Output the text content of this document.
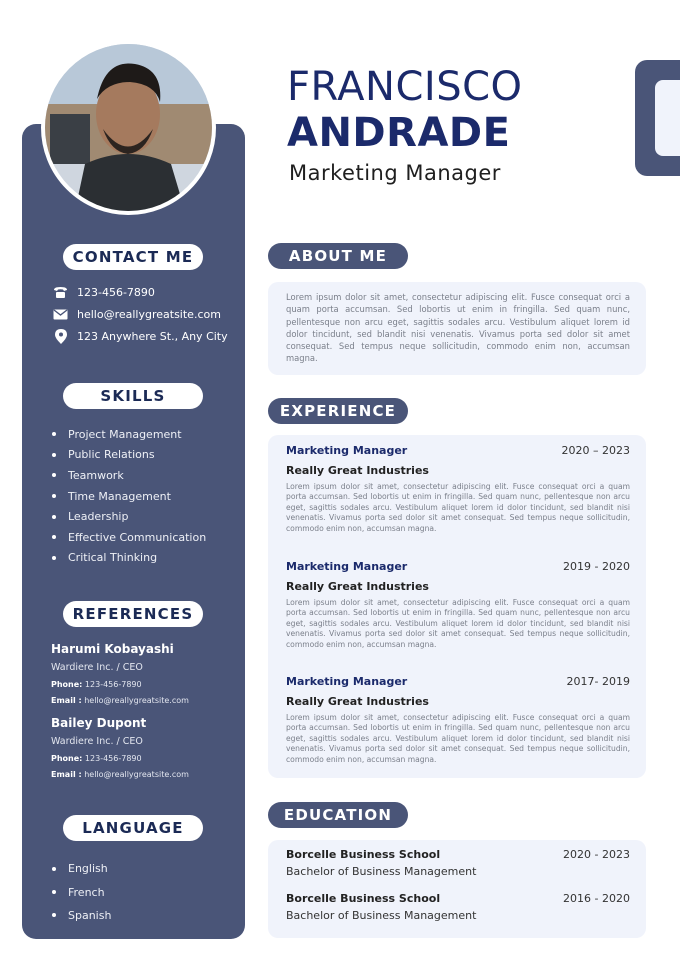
CONTACT ME
123-456-7890
hello@reallygreatsite.com
123 Anywhere St., Any City
SKILLS
Project Management
Public Relations
Teamwork
Time Management
Leadership
Effective Communication
Critical Thinking
REFERENCES
Harumi Kobayashi
Wardiere Inc. / CEO
Phone: 123-456-7890
Email : hello@reallygreatsite.com
Bailey Dupont
Wardiere Inc. / CEO
Phone: 123-456-7890
Email : hello@reallygreatsite.com
LANGUAGE
English
French
Spanish
FRANCISCO
ANDRADE
Marketing Manager
ABOUT ME
Lorem ipsum dolor sit amet, consectetur adipiscing elit. Fusce consequat orci a quam porta accumsan. Sed lobortis ut enim in fringilla. Sed quam nunc, pellentesque non arcu eget, sagittis sodales arcu. Vestibulum aliquet lorem id dolor tincidunt, sed blandit nisi venenatis. Vivamus porta sed dolor sit amet consequat. Sed tempus neque sollicitudin, commodo enim non, accumsan magna.
EXPERIENCE
Marketing Manager	2020 – 2023
Really Great Industries
Lorem ipsum dolor sit amet, consectetur adipiscing elit. Fusce consequat orci a quam porta accumsan. Sed lobortis ut enim in fringilla. Sed quam nunc, pellentesque non arcu eget, sagittis sodales arcu. Vestibulum aliquet lorem id dolor tincidunt, sed blandit nisi venenatis. Vivamus porta sed dolor sit amet consequat. Sed tempus neque sollicitudin, commodo enim non, accumsan magna.
Marketing Manager	2019 - 2020
Really Great Industries
Lorem ipsum dolor sit amet, consectetur adipiscing elit. Fusce consequat orci a quam porta accumsan. Sed lobortis ut enim in fringilla. Sed quam nunc, pellentesque non arcu eget, sagittis sodales arcu. Vestibulum aliquet lorem id dolor tincidunt, sed blandit nisi venenatis. Vivamus porta sed dolor sit amet consequat. Sed tempus neque sollicitudin, commodo enim non, accumsan magna.
Marketing Manager	2017- 2019
Really Great Industries
Lorem ipsum dolor sit amet, consectetur adipiscing elit. Fusce consequat orci a quam porta accumsan. Sed lobortis ut enim in fringilla. Sed quam nunc, pellentesque non arcu eget, sagittis sodales arcu. Vestibulum aliquet lorem id dolor tincidunt, sed blandit nisi venenatis. Vivamus porta sed dolor sit amet consequat. Sed tempus neque sollicitudin, commodo enim non, accumsan magna.
EDUCATION
Borcelle Business School	2020 - 2023
Bachelor of Business Management
Borcelle Business School	2016 - 2020
Bachelor of Business Management
